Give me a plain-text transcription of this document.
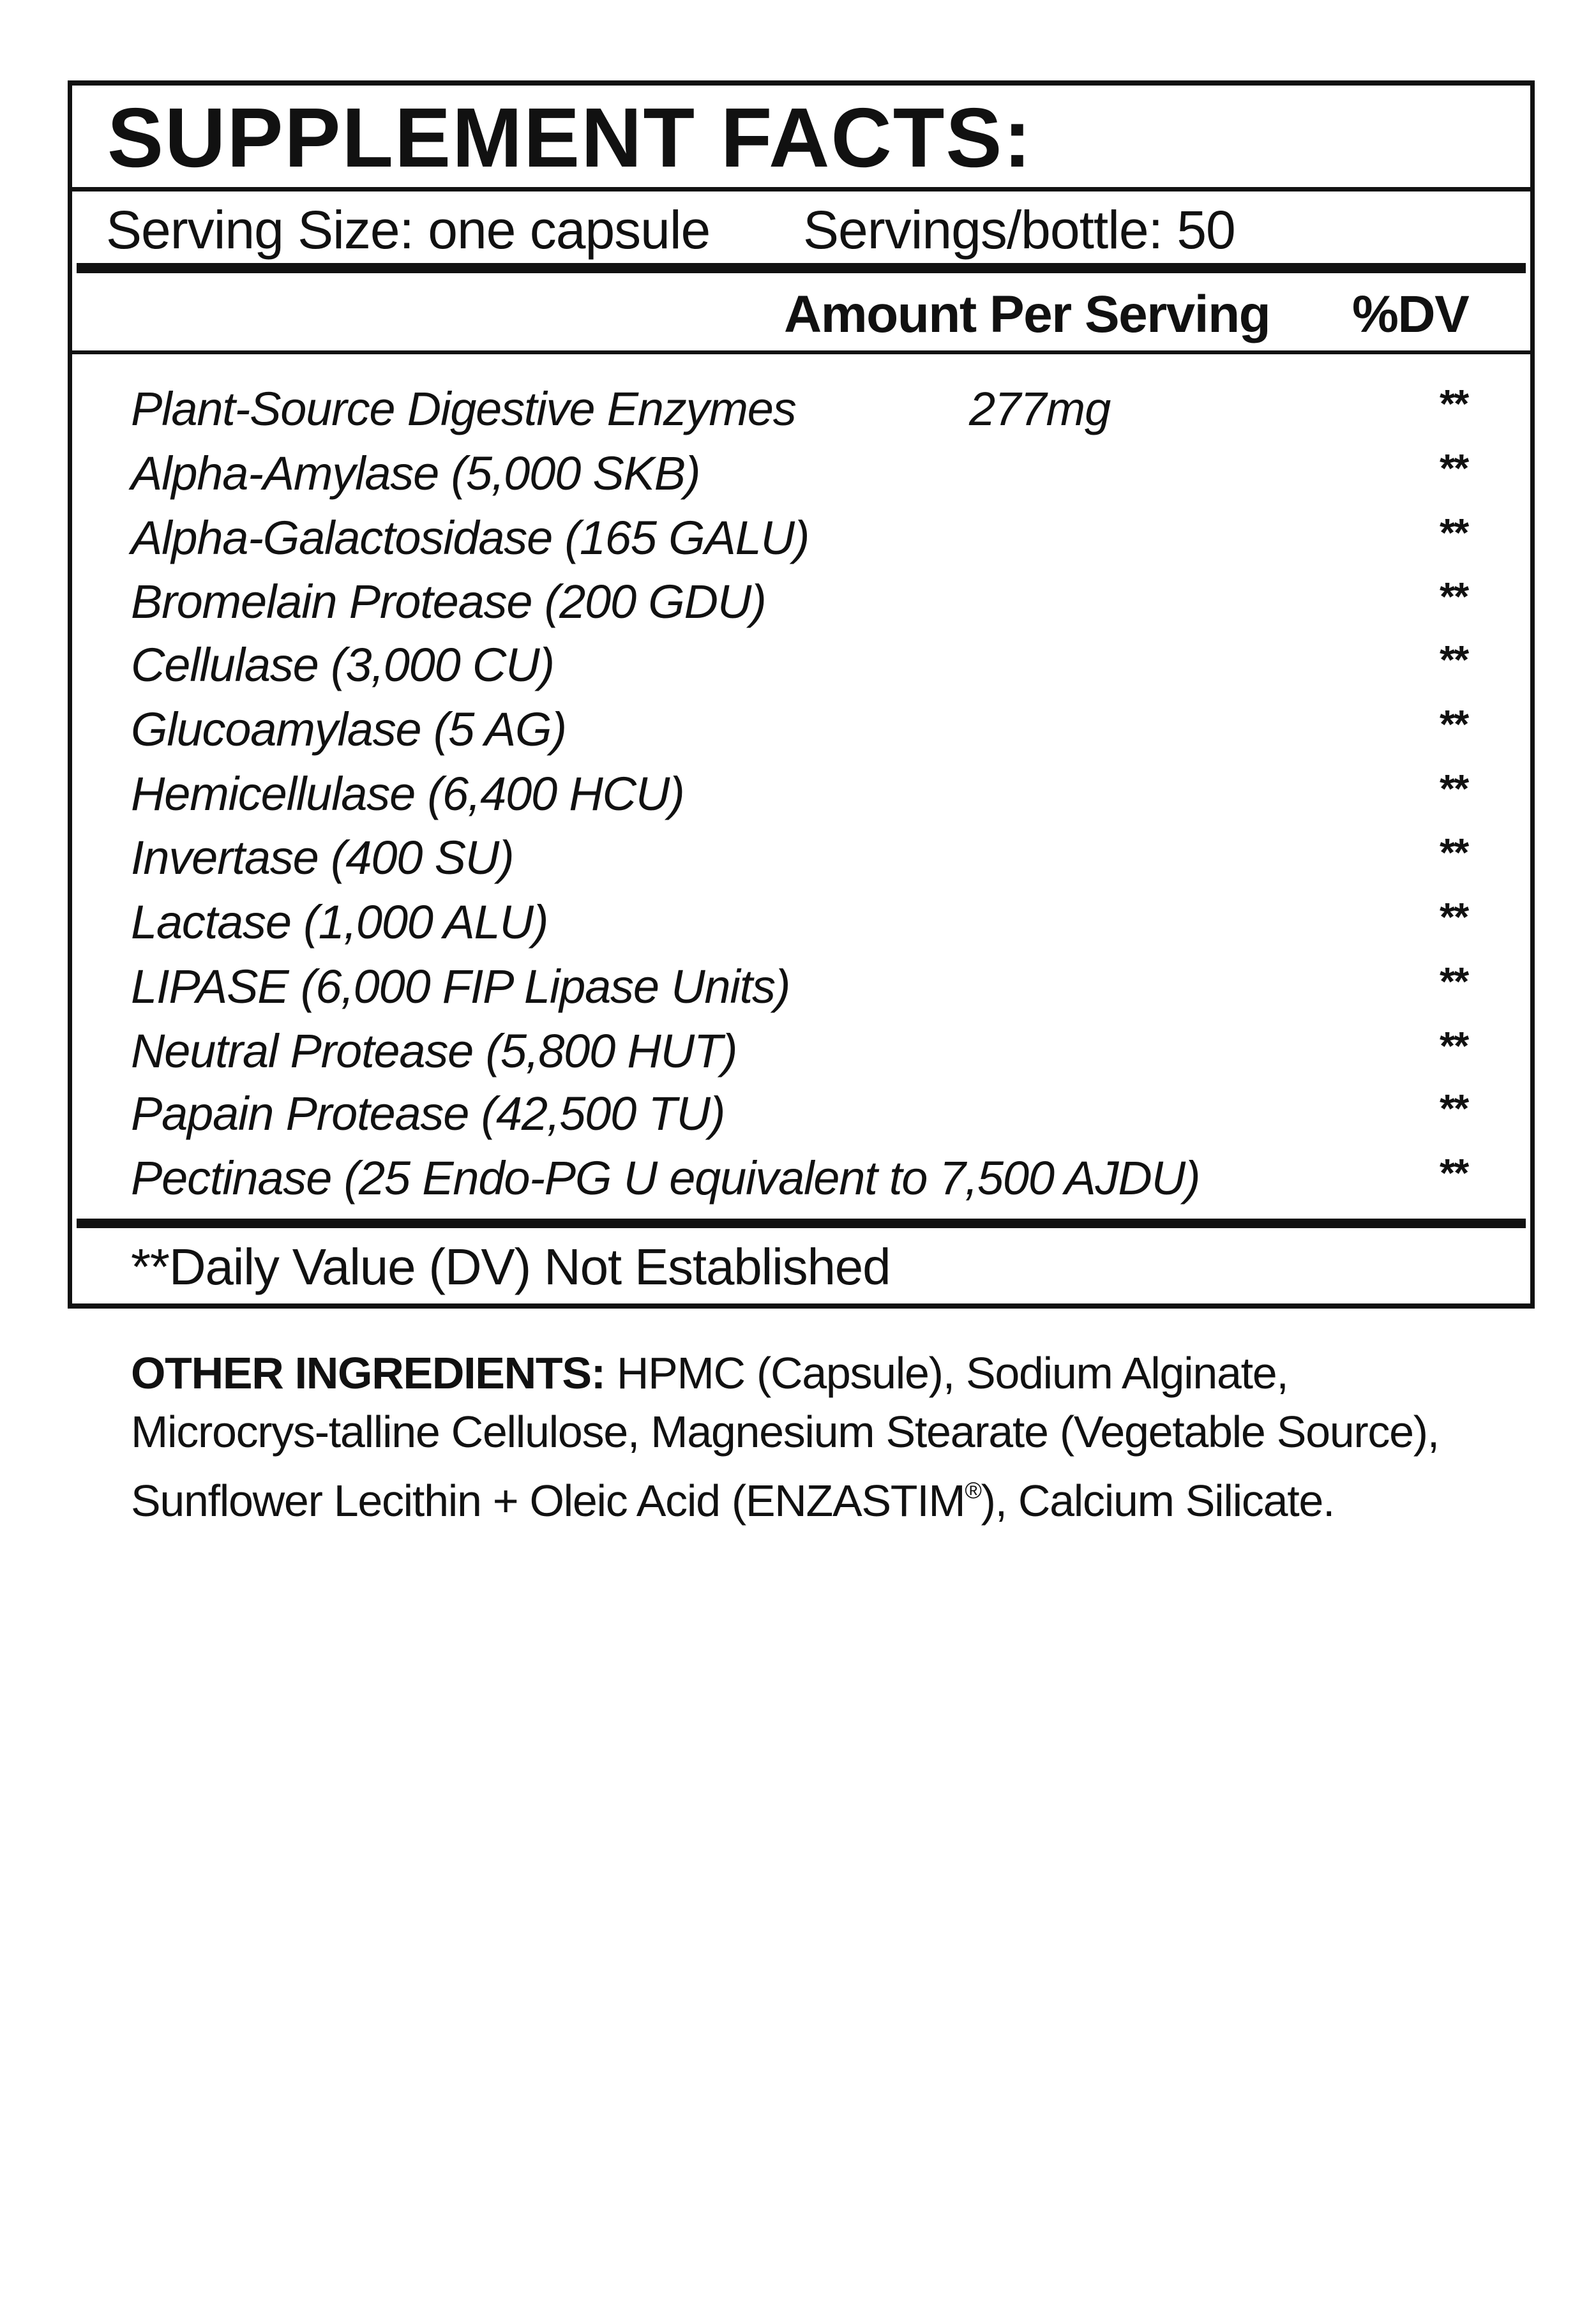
SUPPLEMENT FACTS:
Serving Size: one capsule Servings/bottle: 50
Amount Per Serving %DV
Plant-Source Digestive Enzymes	277mg	**
Alpha-Amylase (5,000 SKB)	**
Alpha-Galactosidase (165 GALU)	**
Bromelain Protease (200 GDU)	**
Cellulase (3,000 CU)	**
Glucoamylase (5 AG)	**
Hemicellulase (6,400 HCU)	**
Invertase (400 SU)	**
Lactase (1,000 ALU)	**
LIPASE (6,000 FIP Lipase Units)	**
Neutral Protease (5,800 HUT)	**
Papain Protease (42,500 TU)	**
Pectinase (25 Endo-PG U equivalent to 7,500 AJDU)	**
**Daily Value (DV) Not Established
OTHER INGREDIENTS: HPMC (Capsule), Sodium Alginate, Microcrys-talline Cellulose, Magnesium Stearate (Vegetable Source), Sunflower Lecithin + Oleic Acid (ENZASTIM®), Calcium Silicate.
